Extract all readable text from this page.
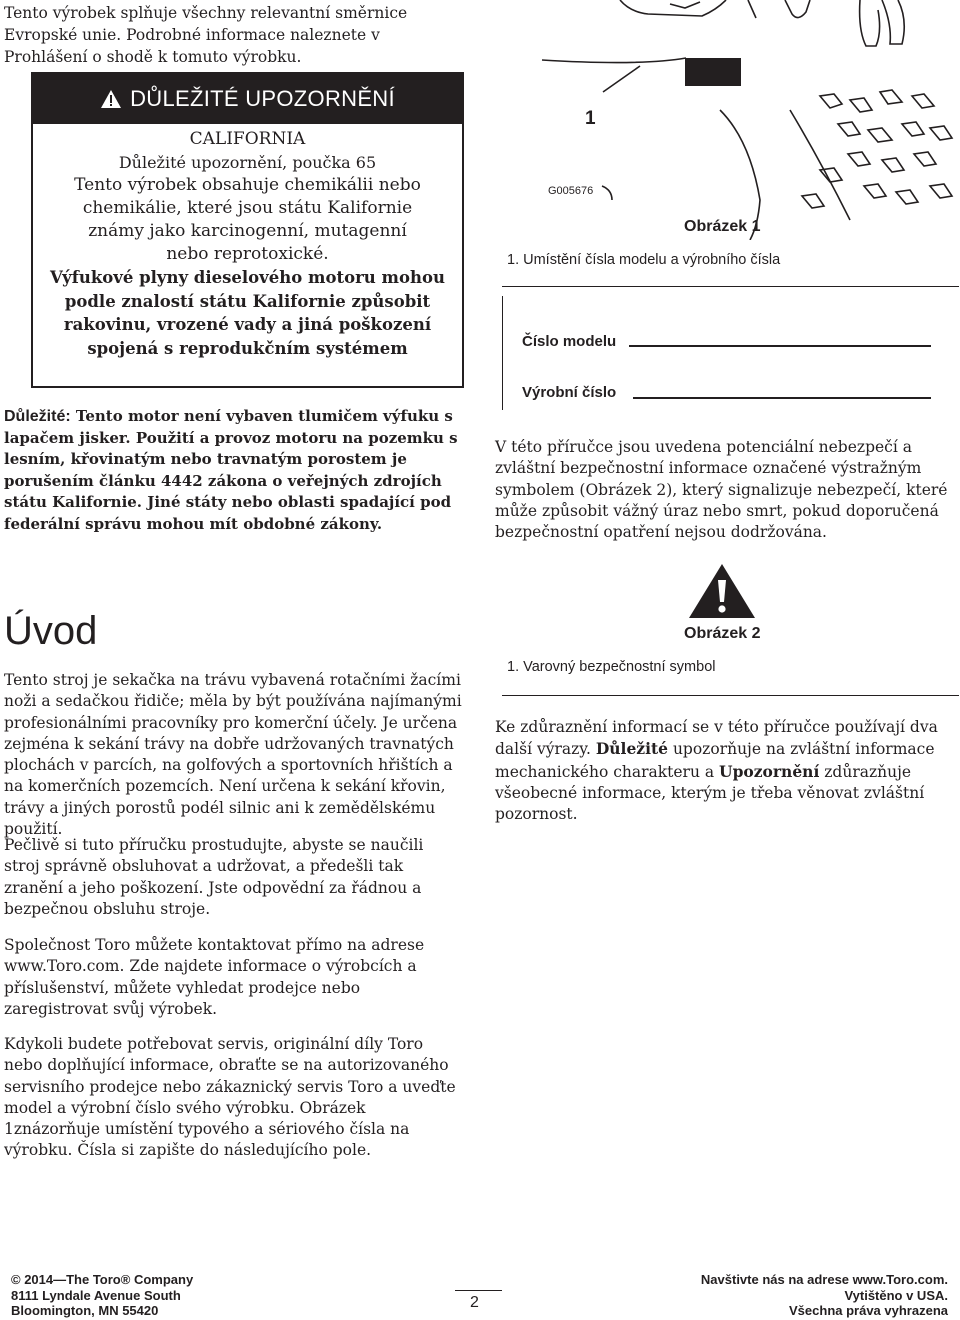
Tento výrobek splňuje všechny relevantní směrnice Evropské unie. Podrobné informace naleznete v Prohlášení o shodě k tomuto výrobku.
DŮLEŽITÉ UPOZORNĚNÍ
CALIFORNIA
Důležité upozornění, poučka 65
Tento výrobek obsahuje chemikálii nebo
chemikálie, které jsou státu Kalifornie
známy jako karcinogenní, mutagenní
nebo reprotoxické.
Výfukové plyny dieselového motoru mohou
podle znalostí státu Kalifornie způsobit
rakovinu, vrozené vady a jiná poškození
spojená s reprodukčním systémem
Důležité: Tento motor není vybaven tlumičem výfuku s lapačem jisker. Použití a provoz motoru na pozemku s lesním, křovinatým nebo travnatým porostem je porušením článku 4442 zákona o veřejných zdrojích státu Kalifornie. Jiné státy nebo oblasti spadající pod federální správu mohou mít obdobné zákony.
Úvod
Tento stroj je sekačka na trávu vybavená rotačními žacími noži a sedačkou řidiče; měla by být používána najímanými profesionálními pracovníky pro komerční účely. Je určena zejména k sekání trávy na dobře udržovaných travnatých plochách v parcích, na golfových a sportovních hřištích a na komerčních pozemcích. Není určena k sekání křovin, trávy a jiných porostů podél silnic ani k zemědělskému použití.
Pečlivě si tuto příručku prostudujte, abyste se naučili stroj správně obsluhovat a udržovat, a předešli tak zranění a jeho poškození. Jste odpovědní za řádnou a bezpečnou obsluhu stroje.
Společnost Toro můžete kontaktovat přímo na adrese www.Toro.com. Zde najdete informace o výrobcích a příslušenství, můžete vyhledat prodejce nebo zaregistrovat svůj výrobek.
Kdykoli budete potřebovat servis, originální díly Toro nebo doplňující informace, obraťte se na autorizovaného servisního prodejce nebo zákaznický servis Toro a uveďte model a výrobní číslo svého výrobku. Obrázek 1znázorňuje umístění typového a sériového čísla na výrobku. Čísla si zapište do následujícího pole.
1
G005676
Obrázek 1
1. Umístění čísla modelu a výrobního čísla
Číslo modelu
Výrobní číslo
V této příručce jsou uvedena potenciální nebezpečí a zvláštní bezpečnostní informace označené výstražným symbolem (Obrázek 2), který signalizuje nebezpečí, které může způsobit vážný úraz nebo smrt, pokud doporučená bezpečnostní opatření nejsou dodržována.
Obrázek 2
1. Varovný bezpečnostní symbol
Ke zdůraznění informací se v této příručce používají dva další výrazy. Důležité upozorňuje na zvláštní informace mechanického charakteru a Upozornění zdůrazňuje všeobecné informace, kterým je třeba věnovat zvláštní pozornost.
© 2014—The Toro® Company
8111 Lyndale Avenue South
Bloomington, MN 55420	2
Navštivte nás na adrese www.Toro.com.
Vytištěno v USA.
Všechna práva vyhrazena
